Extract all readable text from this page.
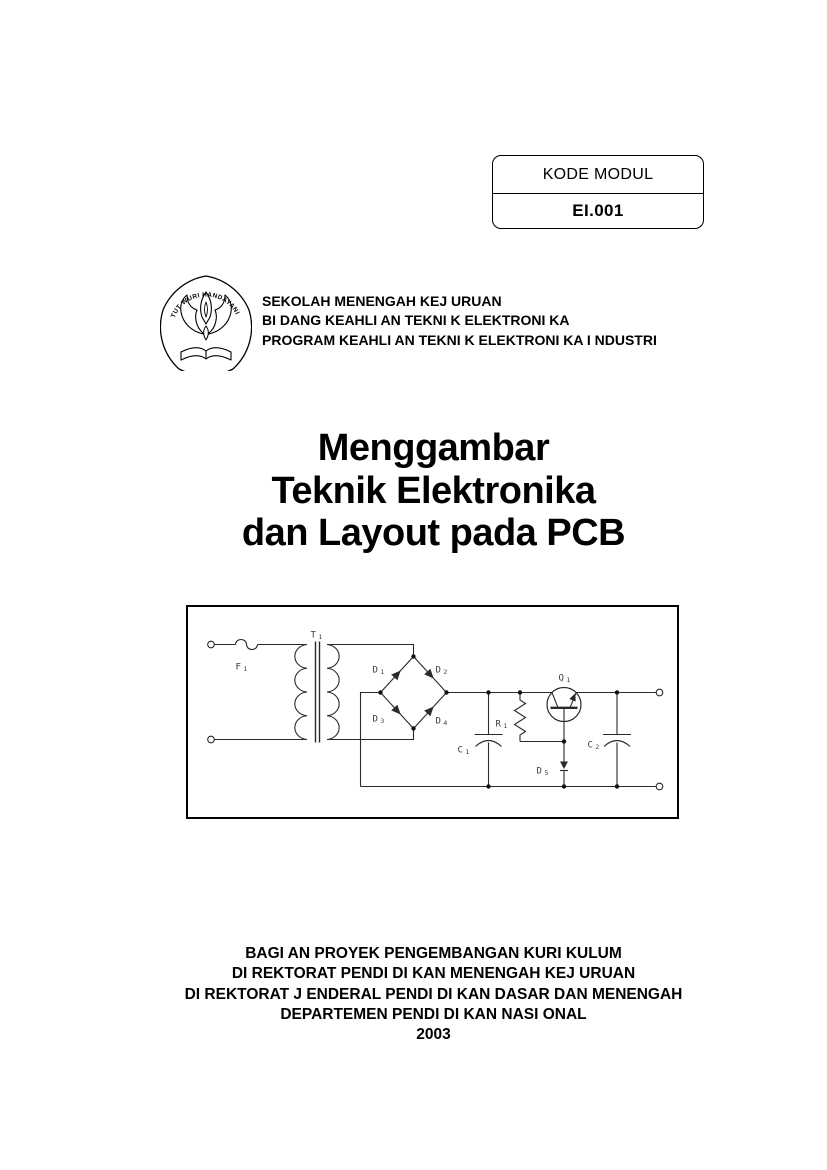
KODE MODUL
EI.001
TUT WURI HANDAYANI
SEKOLAH MENENGAH KEJ URUAN
BI DANG KEAHLI AN TEKNI K ELEKTRONI KA
PROGRAM KEAHLI AN TEKNI K ELEKTRONI KA I NDUSTRI
Menggambar
Teknik Elektronika
dan Layout pada PCB
F 1
T 1
D 1	D 2
D 3	D 4
C 1
R 1
Q 1
D 5
C 2
BAGI AN PROYEK PENGEMBANGAN KURI KULUM
DI REKTORAT PENDI DI KAN MENENGAH KEJ URUAN
DI REKTORAT J ENDERAL PENDI DI KAN DASAR DAN MENENGAH
DEPARTEMEN PENDI DI KAN NASI ONAL
2003
